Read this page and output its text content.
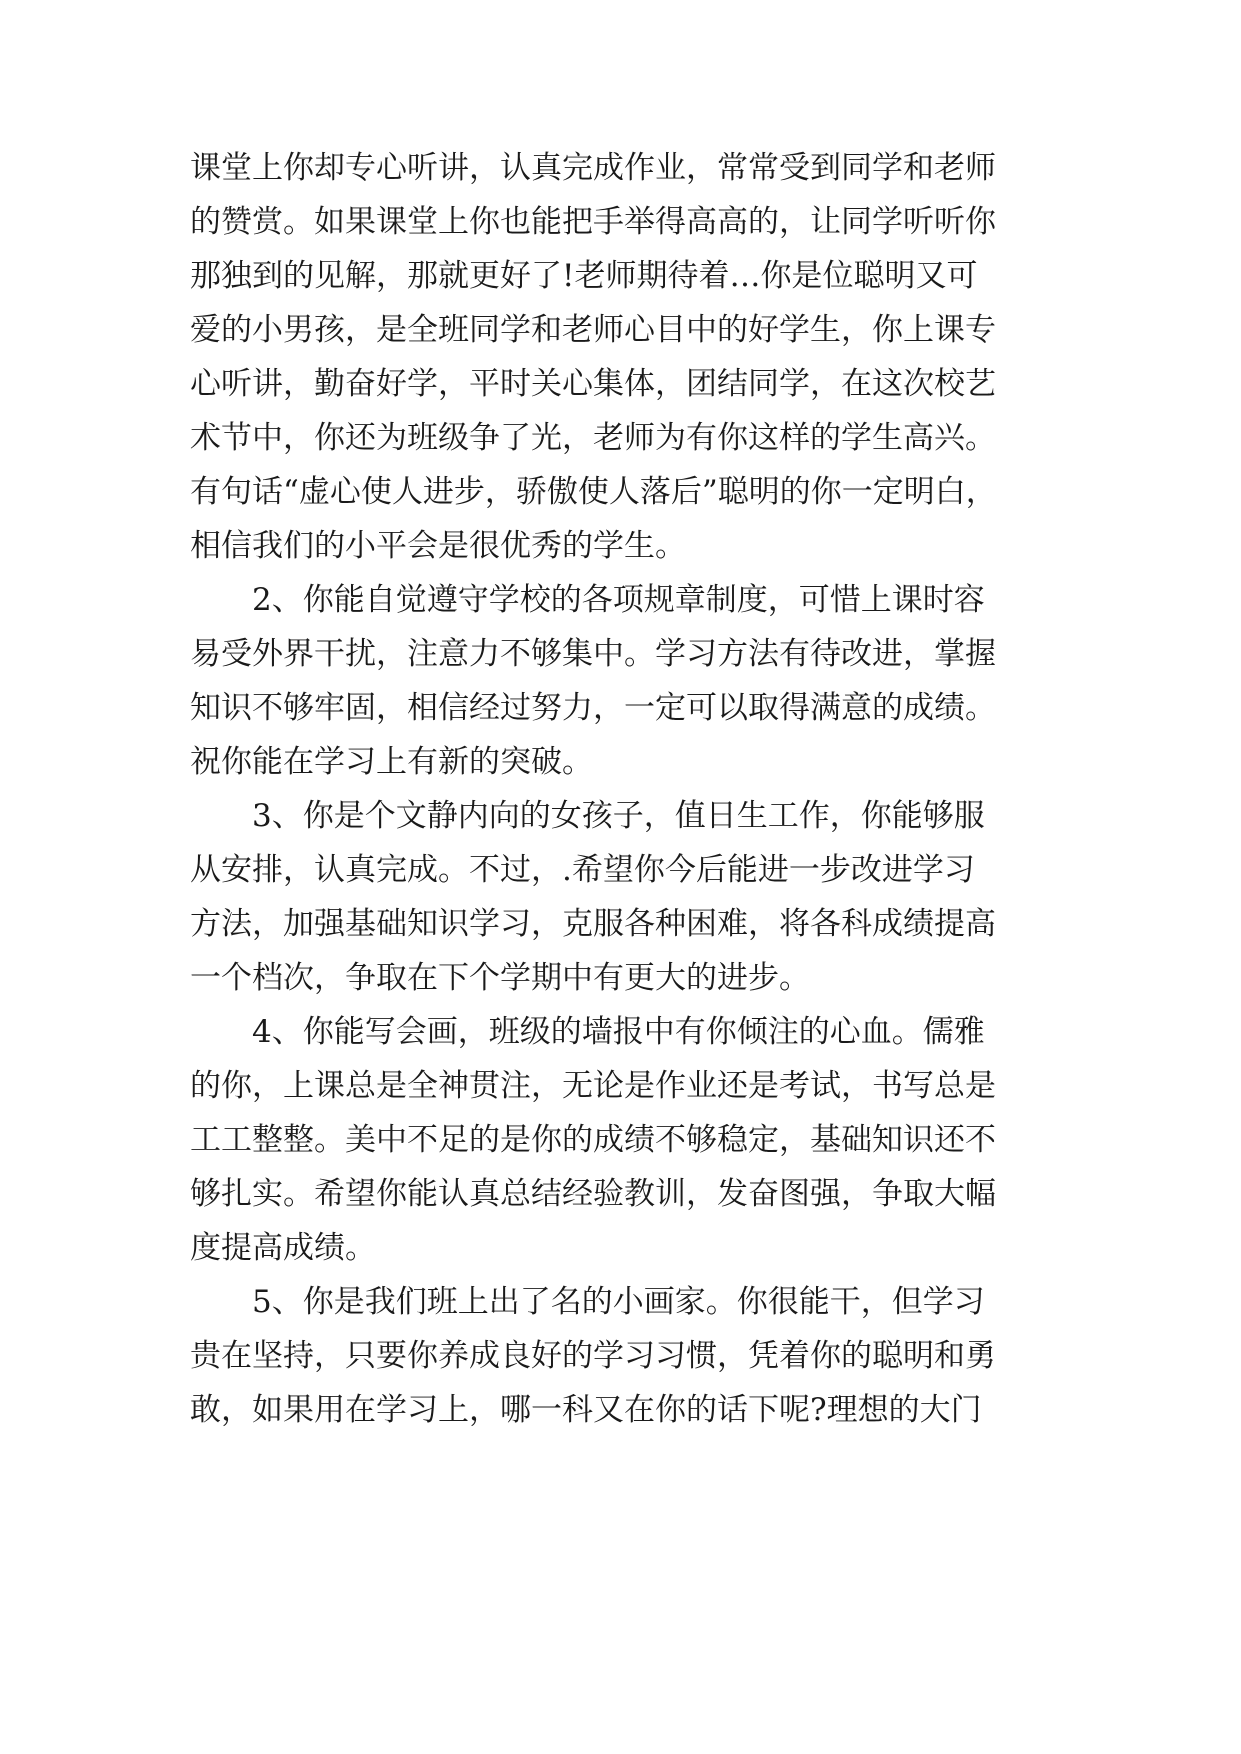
课堂上你却专心听讲，认真完成作业，常常受到同学和老师
的赞赏。如果课堂上你也能把手举得高高的，让同学听听你
那独到的见解，那就更好了!老师期待着…你是位聪明又可
爱的小男孩，是全班同学和老师心目中的好学生，你上课专
心听讲，勤奋好学，平时关心集体，团结同学，在这次校艺
术节中，你还为班级争了光，老师为有你这样的学生高兴。
有句话“虚心使人进步，骄傲使人落后”聪明的你一定明白，
相信我们的小平会是很优秀的学生。
2、你能自觉遵守学校的各项规章制度，可惜上课时容
易受外界干扰，注意力不够集中。学习方法有待改进，掌握
知识不够牢固，相信经过努力，一定可以取得满意的成绩。
祝你能在学习上有新的突破。
3、你是个文静内向的女孩子，值日生工作，你能够服
从安排，认真完成。不过，.希望你今后能进一步改进学习
方法，加强基础知识学习，克服各种困难，将各科成绩提高
一个档次，争取在下个学期中有更大的进步。
4、你能写会画，班级的墙报中有你倾注的心血。儒雅
的你，上课总是全神贯注，无论是作业还是考试，书写总是
工工整整。美中不足的是你的成绩不够稳定，基础知识还不
够扎实。希望你能认真总结经验教训，发奋图强，争取大幅
度提高成绩。
5、你是我们班上出了名的小画家。你很能干，但学习
贵在坚持，只要你养成良好的学习习惯，凭着你的聪明和勇
敢，如果用在学习上，哪一科又在你的话下呢?理想的大门
